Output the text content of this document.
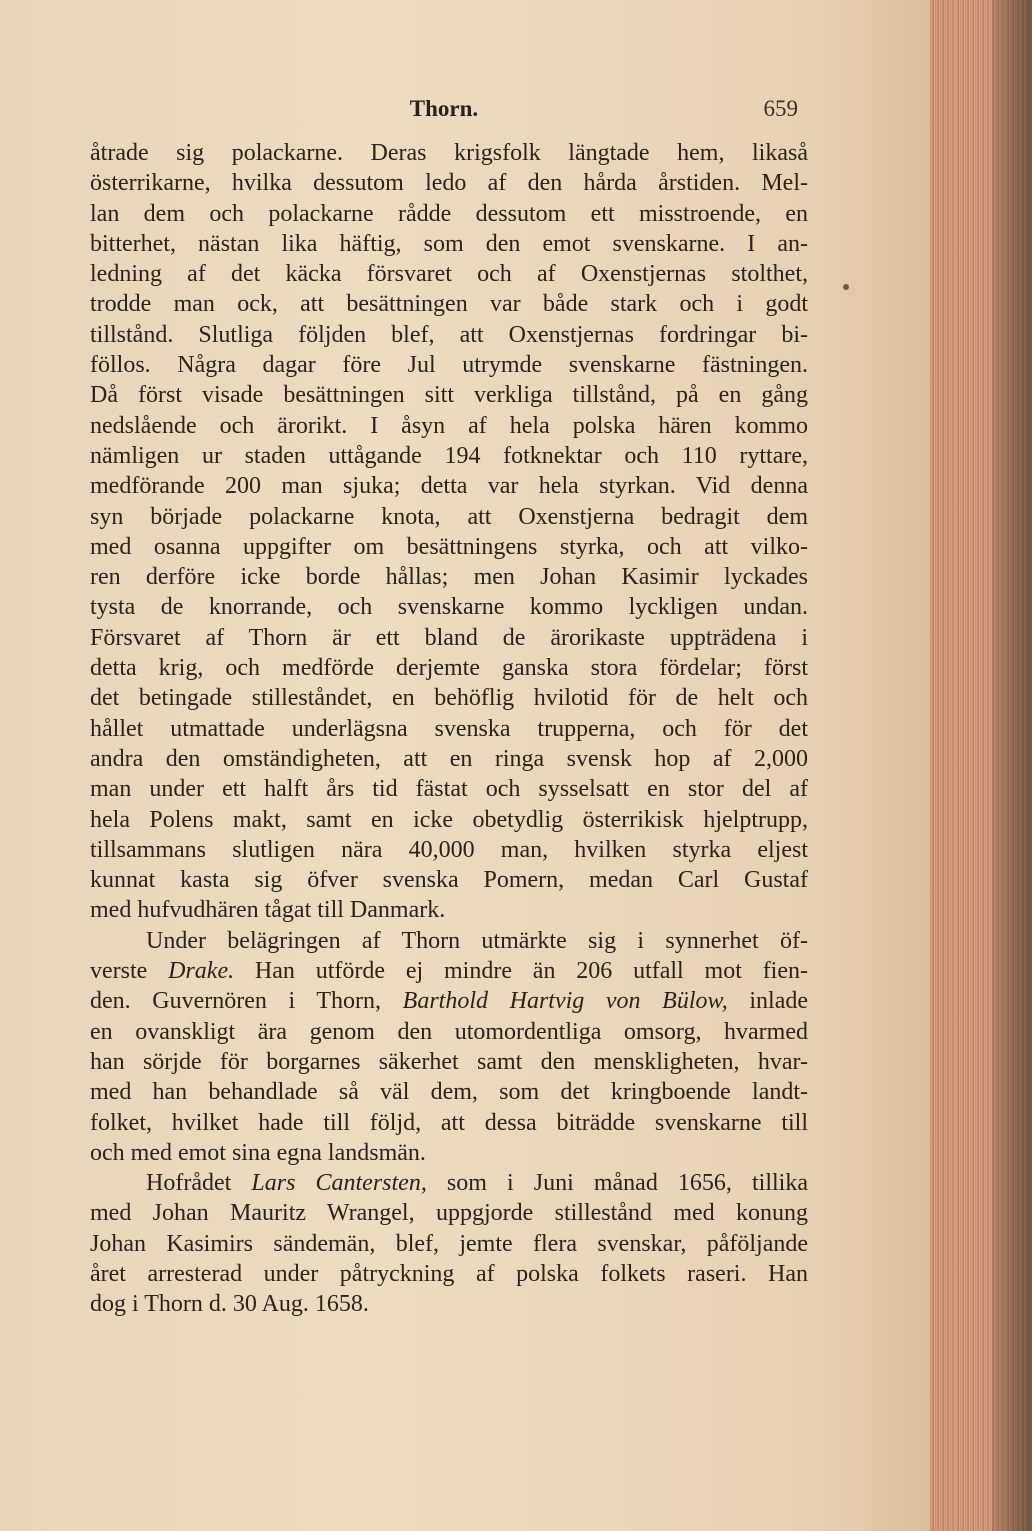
Thorn.	659
åtrade sig polackarne. Deras krigsfolk längtade hem, likaså
österrikarne, hvilka dessutom ledo af den hårda årstiden. Mel-
lan dem och polackarne rådde dessutom ett misstroende, en
bitterhet, nästan lika häftig, som den emot svenskarne. I an-
ledning af det käcka försvaret och af Oxenstjernas stolthet,
trodde man ock, att besättningen var både stark och i godt
tillstånd. Slutliga följden blef, att Oxenstjernas fordringar bi-
föllos. Några dagar före Jul utrymde svenskarne fästningen.
Då först visade besättningen sitt verkliga tillstånd, på en gång
nedslående och ärorikt. I åsyn af hela polska hären kommo
nämligen ur staden uttågande 194 fotknektar och 110 ryttare,
medförande 200 man sjuka; detta var hela styrkan. Vid denna
syn började polackarne knota, att Oxenstjerna bedragit dem
med osanna uppgifter om besättningens styrka, och att vilko-
ren derföre icke borde hållas; men Johan Kasimir lyckades
tysta de knorrande, och svenskarne kommo lyckligen undan.
Försvaret af Thorn är ett bland de ärorikaste uppträdena i
detta krig, och medförde derjemte ganska stora fördelar; först
det betingade stilleståndet, en behöflig hvilotid för de helt och
hållet utmattade underlägsna svenska trupperna, och för det
andra den omständigheten, att en ringa svensk hop af 2,000
man under ett halft års tid fästat och sysselsatt en stor del af
hela Polens makt, samt en icke obetydlig österrikisk hjelptrupp,
tillsammans slutligen nära 40,000 man, hvilken styrka eljest
kunnat kasta sig öfver svenska Pomern, medan Carl Gustaf
med hufvudhären tågat till Danmark.
Under belägringen af Thorn utmärkte sig i synnerhet öf-
verste Drake. Han utförde ej mindre än 206 utfall mot fien-
den. Guvernören i Thorn, Barthold Hartvig von Bülow, inlade
en ovanskligt ära genom den utomordentliga omsorg, hvarmed
han sörjde för borgarnes säkerhet samt den menskligheten, hvar-
med han behandlade så väl dem, som det kringboende landt-
folket, hvilket hade till följd, att dessa biträdde svenskarne till
och med emot sina egna landsmän.
Hofrådet Lars Cantersten, som i Juni månad 1656, tillika
med Johan Mauritz Wrangel, uppgjorde stillestånd med konung
Johan Kasimirs sändemän, blef, jemte flera svenskar, påföljande
året arresterad under påtryckning af polska folkets raseri. Han
dog i Thorn d. 30 Aug. 1658.
